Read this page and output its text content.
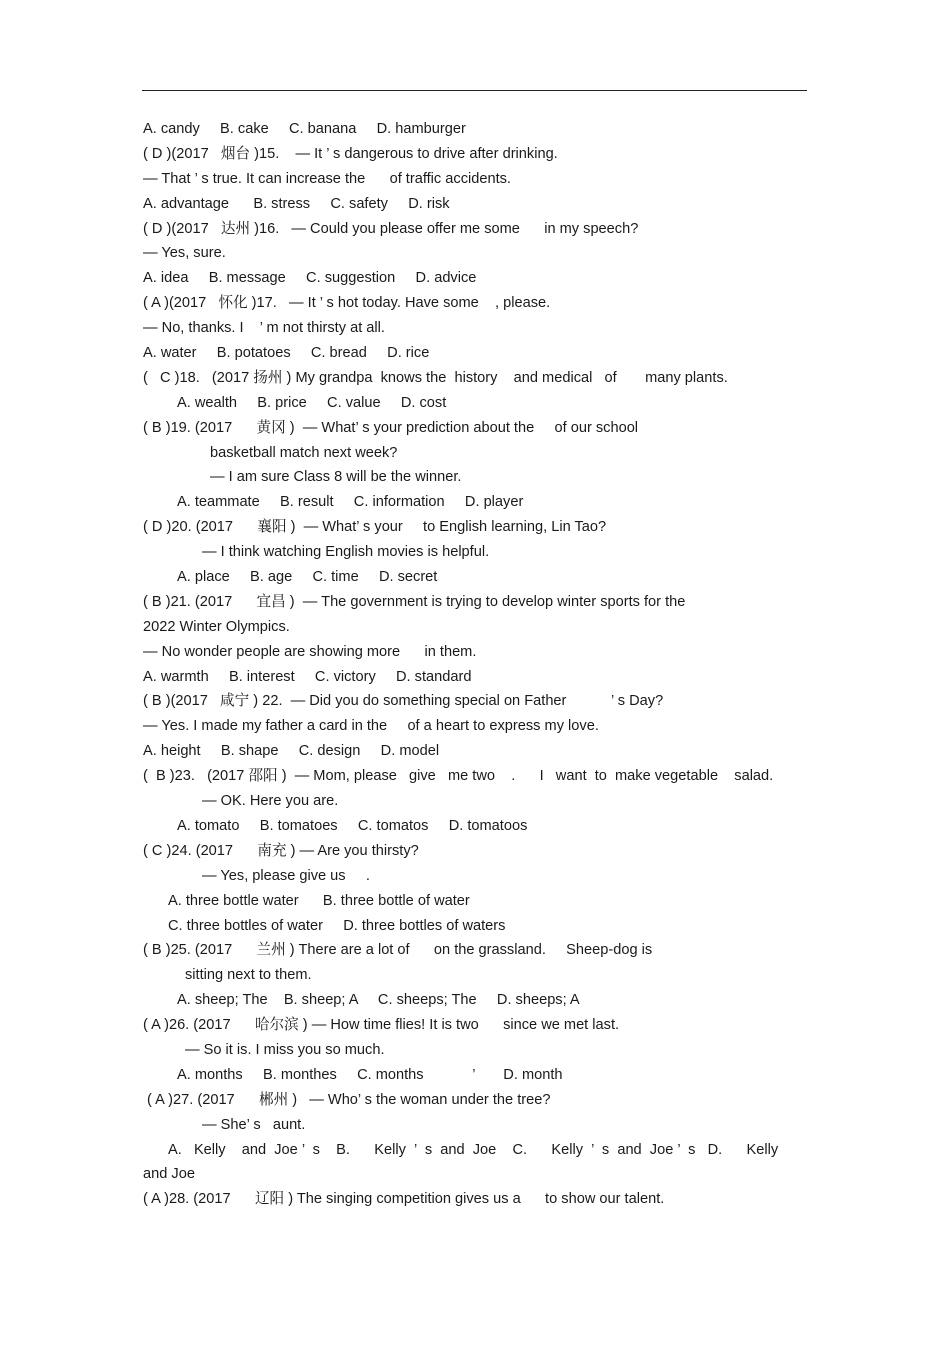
A. candy     B. cake     C. banana     D. hamburger
( D )(2017   烟台 )15.    — It ’ s dangerous to drive after drinking.
— That ’ s true. It can increase the      of traffic accidents.
A. advantage      B. stress     C. safety     D. risk
( D )(2017   达州 )16.   — Could you please offer me some      in my speech?
— Yes, sure.
A. idea     B. message     C. suggestion     D. advice
( A )(2017   怀化 )17.   — It ’ s hot today. Have some    , please.
— No, thanks. I    ’ m not thirsty at all.
A. water     B. potatoes     C. bread     D. rice
(   C )18.   (2017 扬州 ) My grandpa  knows the  history    and medical   of       many plants.
A. wealth     B. price     C. value     D. cost
( B )19. (2017      黄冈 )  — What’ s your prediction about the     of our school
basketball match next week?
— I am sure Class 8 will be the winner.
A. teammate     B. result     C. information     D. player
( D )20. (2017      襄阳 )  — What’ s your     to English learning, Lin Tao?
— I think watching English movies is helpful.
A. place     B. age     C. time     D. secret
( B )21. (2017      宜昌 )  — The government is trying to develop winter sports for the
2022 Winter Olympics.
— No wonder people are showing more      in them.
A. warmth     B. interest     C. victory     D. standard
( B )(2017   咸宁 ) 22.  — Did you do something special on Father           ’ s Day?
— Yes. I made my father a card in the     of a heart to express my love.
A. height     B. shape     C. design     D. model
(  B )23.   (2017 邵阳 )  — Mom, please   give   me two    .      I   want  to  make vegetable    salad.
— OK. Here you are.
A. tomato     B. tomatoes     C. tomatos     D. tomatoos
( C )24. (2017      南充 ) — Are you thirsty?
— Yes, please give us     .
A. three bottle water      B. three bottle of water
C. three bottles of water     D. three bottles of waters
( B )25. (2017      兰州 ) There are a lot of      on the grassland.     Sheep-dog is
sitting next to them.
A. sheep; The    B. sheep; A     C. sheeps; The     D. sheeps; A
( A )26. (2017      哈尔滨 ) — How time flies! It is two      since we met last.
— So it is. I miss you so much.
A. months     B. monthes     C. months            ’       D. month
( A )27. (2017      郴州 )   — Who’ s the woman under the tree?
— She’ s   aunt.
A.   Kelly    and  Joe ’  s    B.      Kelly  ’  s  and  Joe    C.      Kelly  ’  s  and  Joe ’  s   D.      Kelly
and Joe
( A )28. (2017      辽阳 ) The singing competition gives us a      to show our talent.
